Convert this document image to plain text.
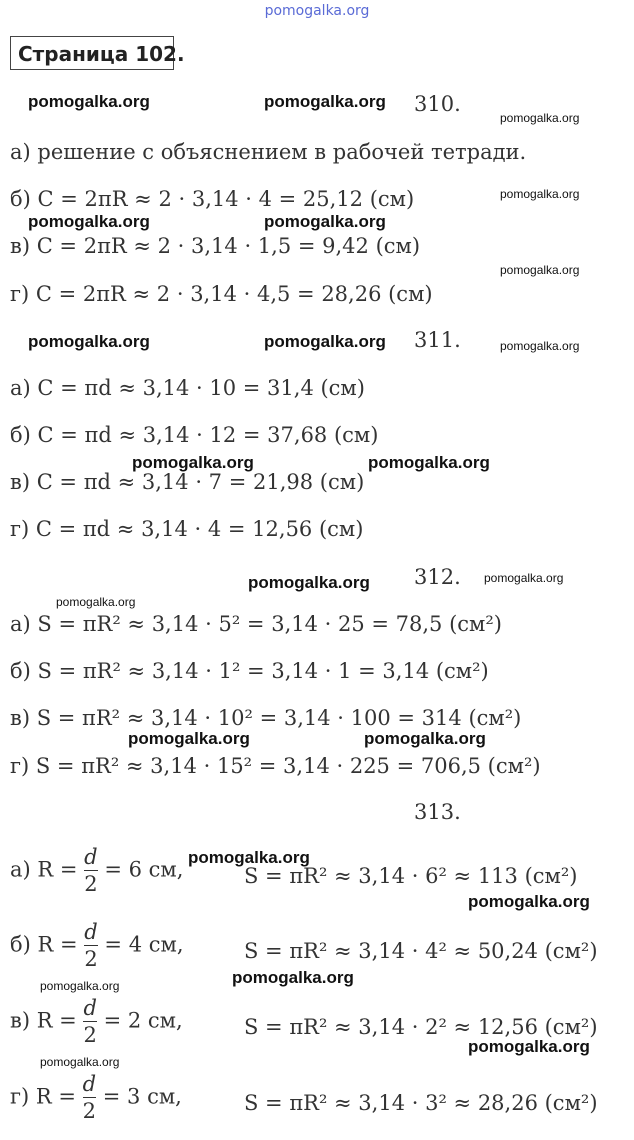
pomogalka.org
Страница 102.
310.
а) решение с объяснением в рабочей тетради.
б) C = 2πR ≈ 2 · 3,14 · 4 = 25,12 (см)
в) C = 2πR ≈ 2 · 3,14 · 1,5 = 9,42 (см)
г) C = 2πR ≈ 2 · 3,14 · 4,5 = 28,26 (см)
311.
а) C = πd ≈ 3,14 · 10 = 31,4 (см)
б) C = πd ≈ 3,14 · 12 = 37,68 (см)
в) C = πd ≈ 3,14 · 7 = 21,98 (см)
г) C = πd ≈ 3,14 · 4 = 12,56 (см)
312.
а) S = πR² ≈ 3,14 · 5² = 3,14 · 25 = 78,5 (см²)
б) S = πR² ≈ 3,14 · 1² = 3,14 · 1 = 3,14 (см²)
в) S = πR² ≈ 3,14 · 10² = 3,14 · 100 = 314 (см²)
г) S = πR² ≈ 3,14 · 15² = 3,14 · 225 = 706,5 (см²)
313.
а) $R = \frac{d}{2} = 6$ см,	S = πR² ≈ 3,14 · 6² ≈ 113 (см²)
б) $R = \frac{d}{2} = 4$ см,	S = πR² ≈ 3,14 · 4² ≈ 50,24 (см²)
в) $R = \frac{d}{2} = 2$ см,	S = πR² ≈ 3,14 · 2² ≈ 12,56 (см²)
г) $R = \frac{d}{2} = 3$ см,	S = πR² ≈ 3,14 · 3² ≈ 28,26 (см²)
pomogalka.org	pomogalka.org
pomogalka.org
pomogalka.org
pomogalka.org	pomogalka.org
pomogalka.org
pomogalka.org	pomogalka.org	pomogalka.org
pomogalka.org	pomogalka.org
pomogalka.org	pomogalka.org
pomogalka.org
pomogalka.org	pomogalka.org
pomogalka.org
pomogalka.org
pomogalka.org
pomogalka.org
pomogalka.org
pomogalka.org
